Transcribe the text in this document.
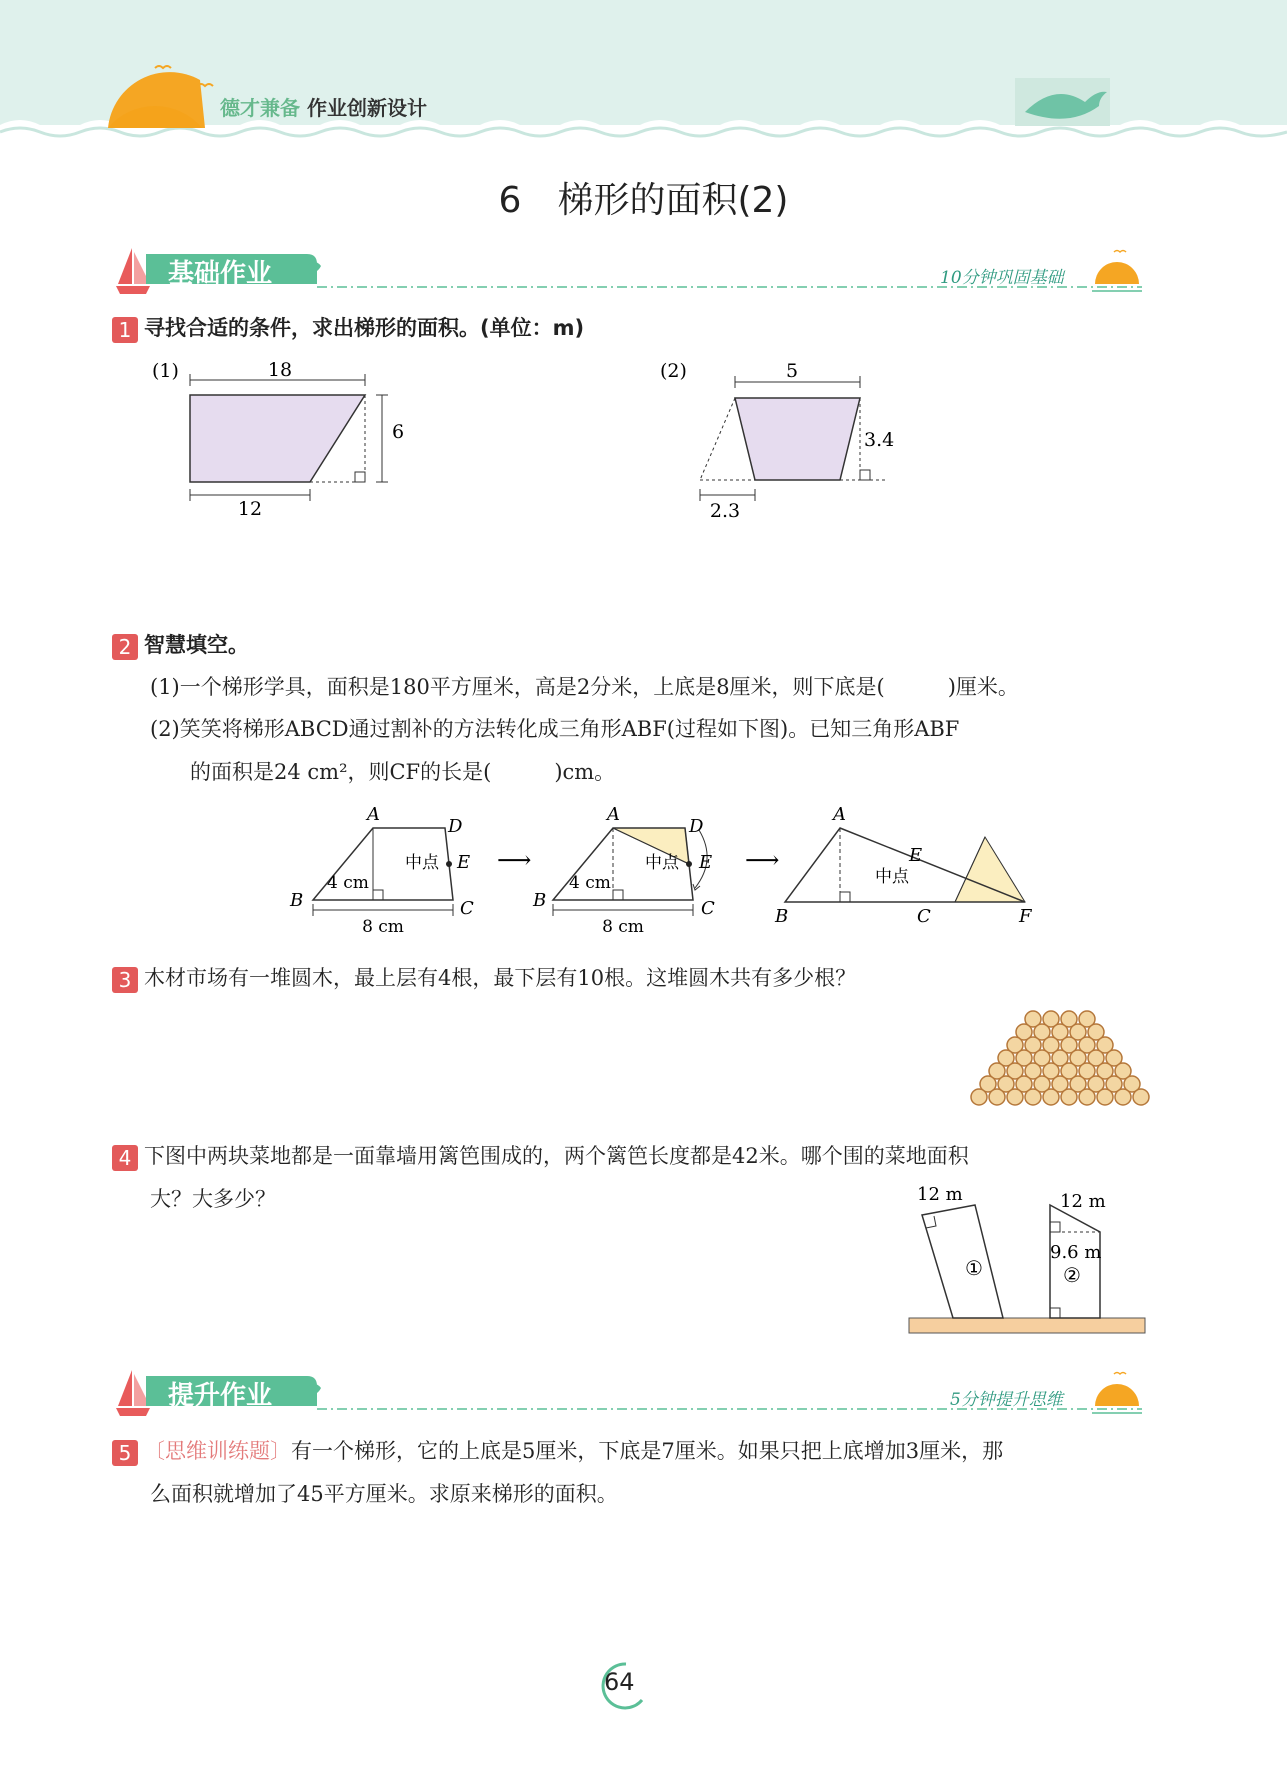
德才兼备 作业创新设计
6　梯形的面积(2)
基础作业	10分钟巩固基础
1 寻找合适的条件，求出梯形的面积。(单位：m)
(1)	18
6
12
(2)	5
3.4
2.3
2 智慧填空。
(1)一个梯形学具，面积是180平方厘米，高是2分米，上底是8厘米，则下底是(　　　)厘米。
(2)笑笑将梯形ABCD通过割补的方法转化成三角形ABF(过程如下图)。已知三角形ABF
的面积是24 cm²，则CF的长是(　　　)cm。
A
D
E
中点
4 cm
B	C
8 cm
⟶
A
D
E
中点
4 cm
B	C
8 cm
⟶
A
E
中点
B	C	F
3 木材市场有一堆圆木，最上层有4根，最下层有10根。这堆圆木共有多少根？
4 下图中两块菜地都是一面靠墙用篱笆围成的，两个篱笆长度都是42米。哪个围的菜地面积
大？大多少？	12 m
①
12 m
9.6 m
②
提升作业	5分钟提升思维
5 〔思维训练题〕有一个梯形，它的上底是5厘米，下底是7厘米。如果只把上底增加3厘米，那
么面积就增加了45平方厘米。求原来梯形的面积。
64
